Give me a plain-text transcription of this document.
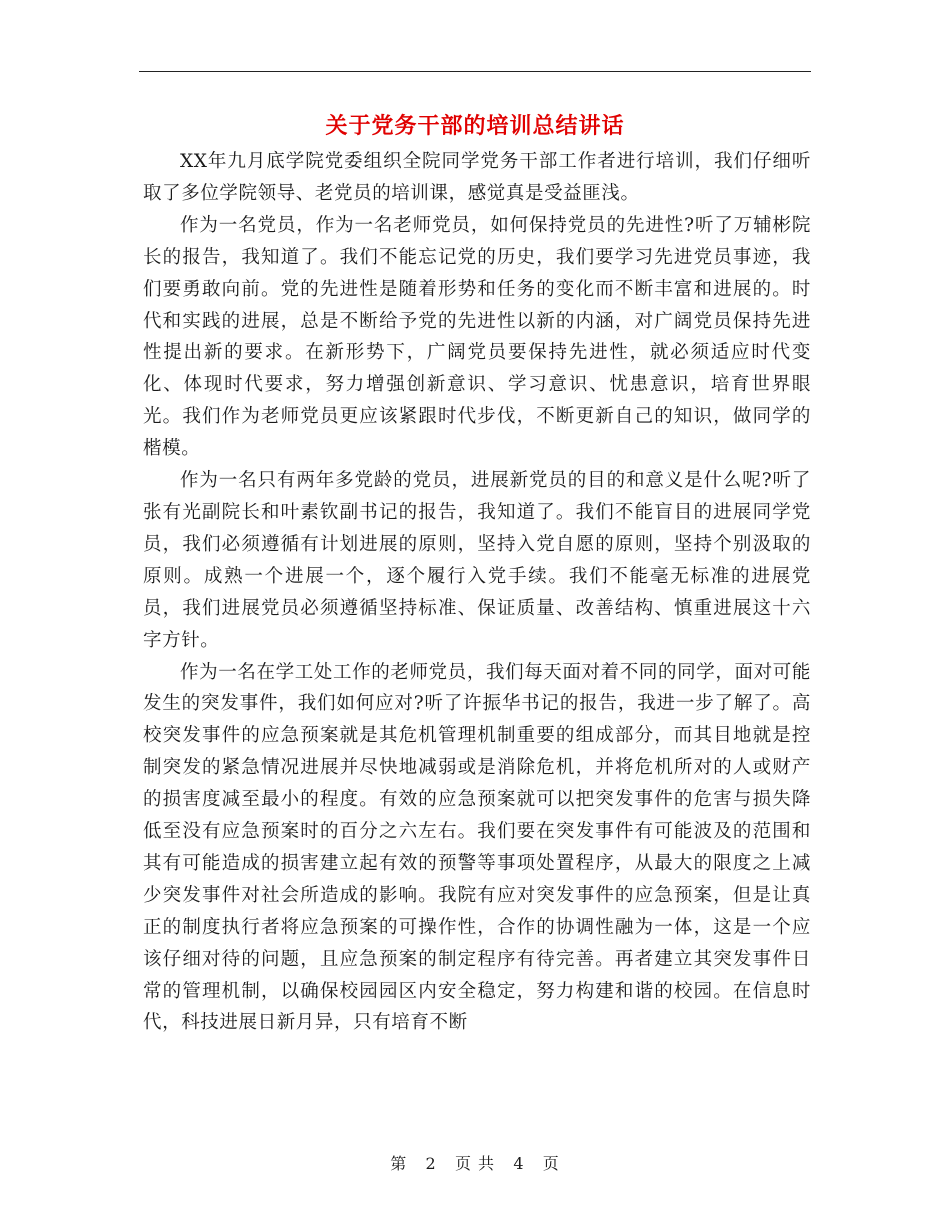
关于党务干部的培训总结讲话

XX年九月底学院党委组织全院同学党务干部工作者进行培训，我们仔细听取了多位学院领导、老党员的培训课，感觉真是受益匪浅。

作为一名党员，作为一名老师党员，如何保持党员的先进性?听了万辅彬院长的报告，我知道了。我们不能忘记党的历史，我们要学习先进党员事迹，我们要勇敢向前。党的先进性是随着形势和任务的变化而不断丰富和进展的。时代和实践的进展，总是不断给予党的先进性以新的内涵，对广阔党员保持先进性提出新的要求。在新形势下，广阔党员要保持先进性，就必须适应时代变化、体现时代要求，努力增强创新意识、学习意识、忧患意识，培育世界眼光。我们作为老师党员更应该紧跟时代步伐，不断更新自己的知识，做同学的楷模。

作为一名只有两年多党龄的党员，进展新党员的目的和意义是什么呢?听了张有光副院长和叶素钦副书记的报告，我知道了。我们不能盲目的进展同学党员，我们必须遵循有计划进展的原则，坚持入党自愿的原则，坚持个别汲取的原则。成熟一个进展一个，逐个履行入党手续。我们不能毫无标准的进展党员，我们进展党员必须遵循坚持标准、保证质量、改善结构、慎重进展这十六字方针。

作为一名在学工处工作的老师党员，我们每天面对着不同的同学，面对可能发生的突发事件，我们如何应对?听了许振华书记的报告，我进一步了解了。高校突发事件的应急预案就是其危机管理机制重要的组成部分，而其目地就是控制突发的紧急情况进展并尽快地减弱或是消除危机，并将危机所对的人或财产的损害度减至最小的程度。有效的应急预案就可以把突发事件的危害与损失降低至没有应急预案时的百分之六左右。我们要在突发事件有可能波及的范围和其有可能造成的损害建立起有效的预警等事项处置程序，从最大的限度之上减少突发事件对社会所造成的影响。我院有应对突发事件的应急预案，但是让真正的制度执行者将应急预案的可操作性，合作的协调性融为一体，这是一个应该仔细对待的问题，且应急预案的制定程序有待完善。再者建立其突发事件日常的管理机制，以确保校园园区内安全稳定，努力构建和谐的校园。在信息时代，科技进展日新月异，只有培育不断

第 2 页 共 4 页
